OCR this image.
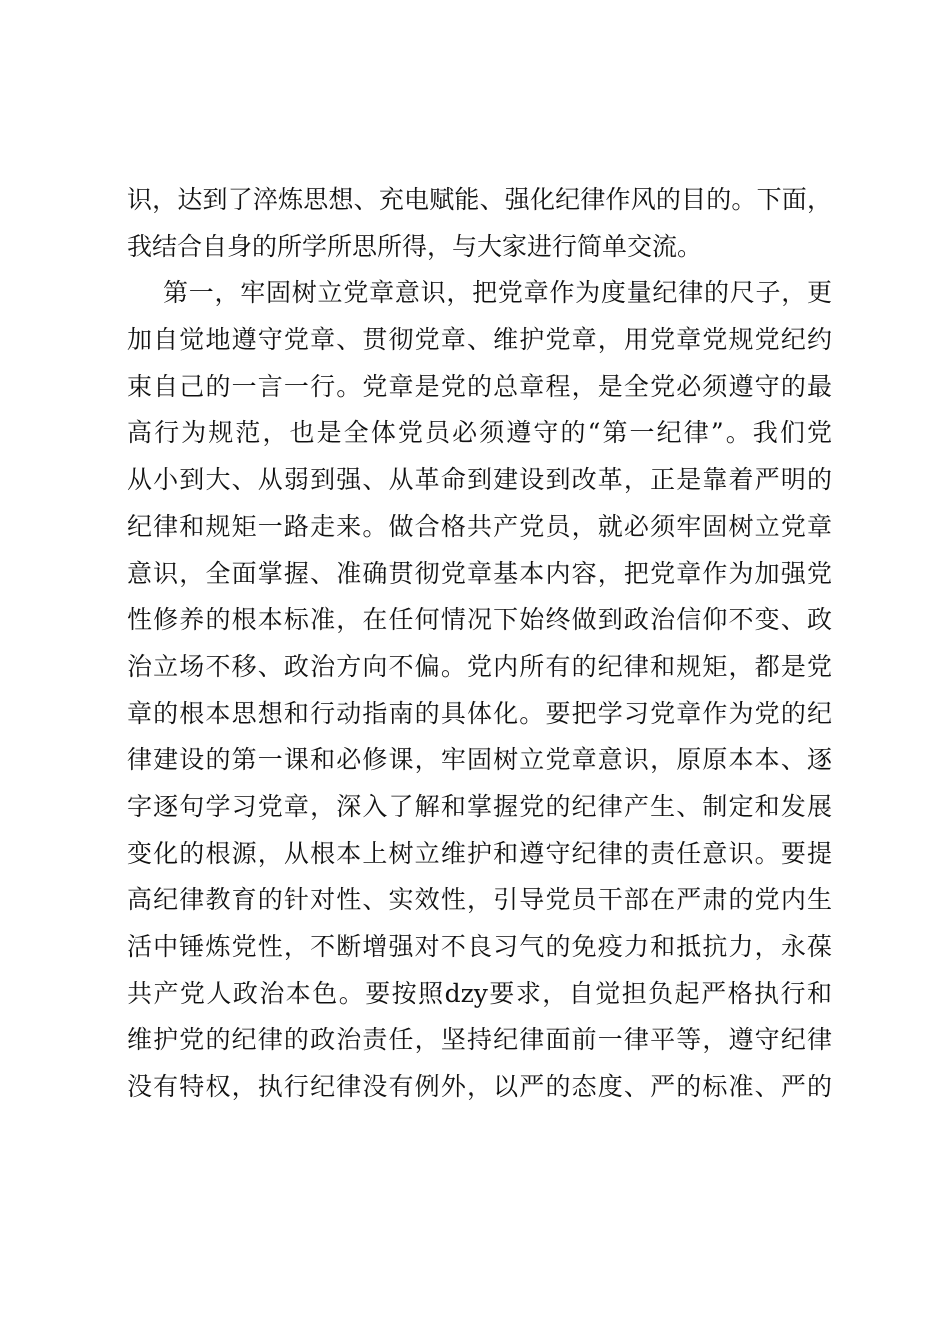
识，达到了淬炼思想、充电赋能、强化纪律作风的目的。下面，
我结合自身的所学所思所得，与大家进行简单交流。
第一，牢固树立党章意识，把党章作为度量纪律的尺子，更
加自觉地遵守党章、贯彻党章、维护党章，用党章党规党纪约
束自己的一言一行。党章是党的总章程，是全党必须遵守的最
高行为规范，也是全体党员必须遵守的“第一纪律”。我们党
从小到大、从弱到强、从革命到建设到改革，正是靠着严明的
纪律和规矩一路走来。做合格共产党员，就必须牢固树立党章
意识，全面掌握、准确贯彻党章基本内容，把党章作为加强党
性修养的根本标准，在任何情况下始终做到政治信仰不变、政
治立场不移、政治方向不偏。党内所有的纪律和规矩，都是党
章的根本思想和行动指南的具体化。要把学习党章作为党的纪
律建设的第一课和必修课，牢固树立党章意识，原原本本、逐
字逐句学习党章，深入了解和掌握党的纪律产生、制定和发展
变化的根源，从根本上树立维护和遵守纪律的责任意识。要提
高纪律教育的针对性、实效性，引导党员干部在严肃的党内生
活中锤炼党性，不断增强对不良习气的免疫力和抵抗力，永葆
共产党人政治本色。要按照dzy要求，自觉担负起严格执行和
维护党的纪律的政治责任，坚持纪律面前一律平等，遵守纪律
没有特权，执行纪律没有例外，以严的态度、严的标准、严的
